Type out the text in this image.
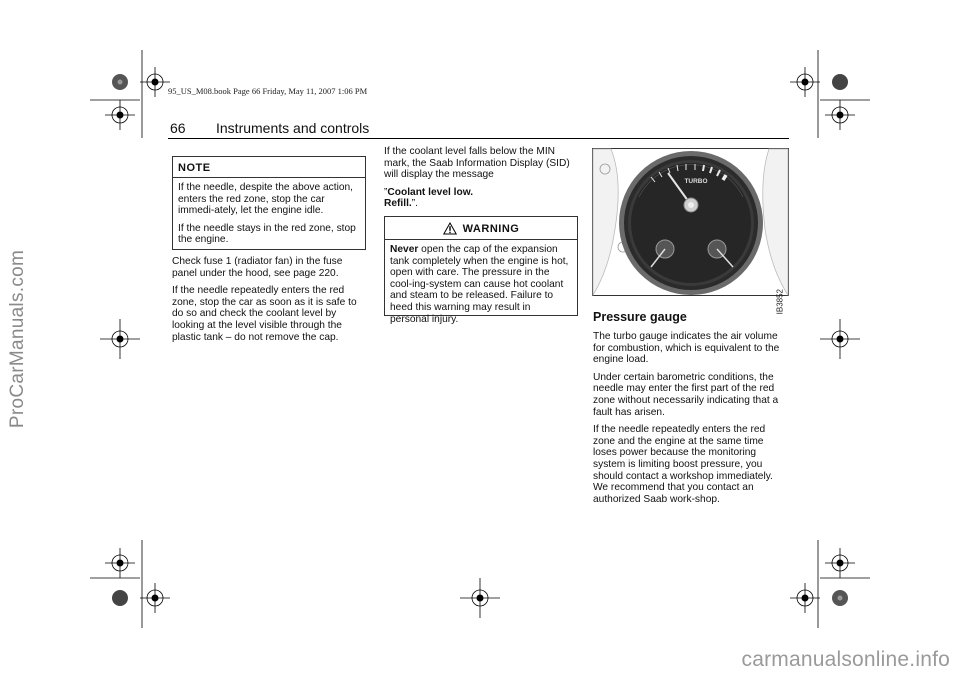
ProCarManuals.com
carmanualsonline.info
95_US_M08.book Page 66 Friday, May 11, 2007 1:06 PM
66 Instruments and controls
NOTE

If the needle, despite the above action, enters the red zone, stop the car immedi-ately, let the engine idle.

If the needle stays in the red zone, stop the engine.

Check fuse 1 (radiator fan) in the fuse panel under the hood, see page 220.

If the needle repeatedly enters the red zone, stop the car as soon as it is safe to do so and check the coolant level by looking at the level visible through the plastic tank – do not remove the cap.

If the coolant level falls below the MIN mark, the Saab Information Display (SID) will display the message

”Coolant level low.
Refill.”.

WARNING

Never open the cap of the expansion tank completely when the engine is hot, open with care. The pressure in the cool-ing-system can cause hot coolant and steam to be released. Failure to heed this warning may result in personal injury.

TURBO
IB3852
Pressure gauge

The turbo gauge indicates the air volume for combustion, which is equivalent to the engine load.

Under certain barometric conditions, the needle may enter the first part of the red zone without necessarily indicating that a fault has arisen.

If the needle repeatedly enters the red zone and the engine at the same time loses power because the monitoring system is limiting boost pressure, you should contact a workshop immediately. We recommend that you contact an authorized Saab work-shop.
